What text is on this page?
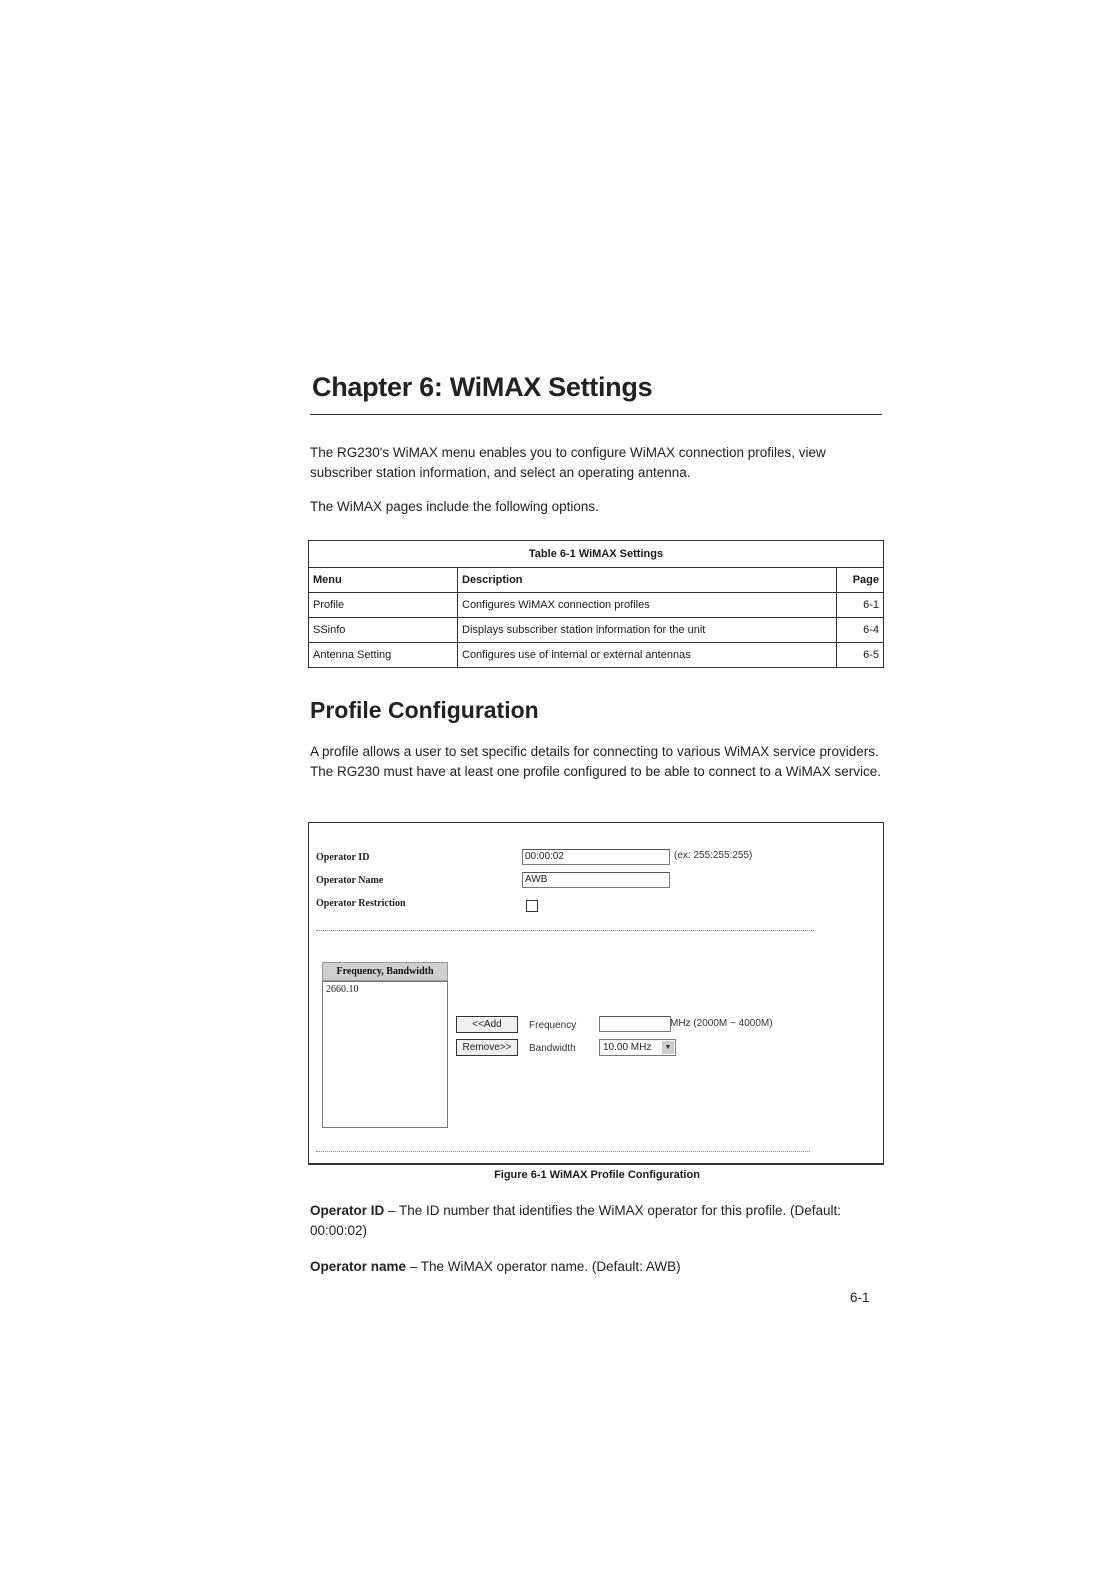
Chapter 6: WiMAX Settings
The RG230's WiMAX menu enables you to configure WiMAX connection profiles, view subscriber station information, and select an operating antenna.
The WiMAX pages include the following options.
Table 6-1 WiMAX Settings		
Menu	Description	Page
Profile	Configures WiMAX connection profiles	6-1
SSinfo	Displays subscriber station information for the unit	6-4
Antenna Setting	Configures use of internal or external antennas	6-5
Profile Configuration
A profile allows a user to set specific details for connecting to various WiMAX service providers. The RG230 must have at least one profile configured to be able to connect to a WiMAX service.
Operator ID	00:00:02	(ex: 255:255:255)
Operator Name	AWB
Operator Restriction
Frequency, Bandwidth
2660.10
<<Add
Remove>>
Frequency	MHz (2000M ~ 4000M)
Bandwidth	10.00 MHz	▼
Figure 6-1 WiMAX Profile Configuration
Operator ID – The ID number that identifies the WiMAX operator for this profile. (Default: 00:00:02)
Operator name – The WiMAX operator name. (Default: AWB)
6-1
